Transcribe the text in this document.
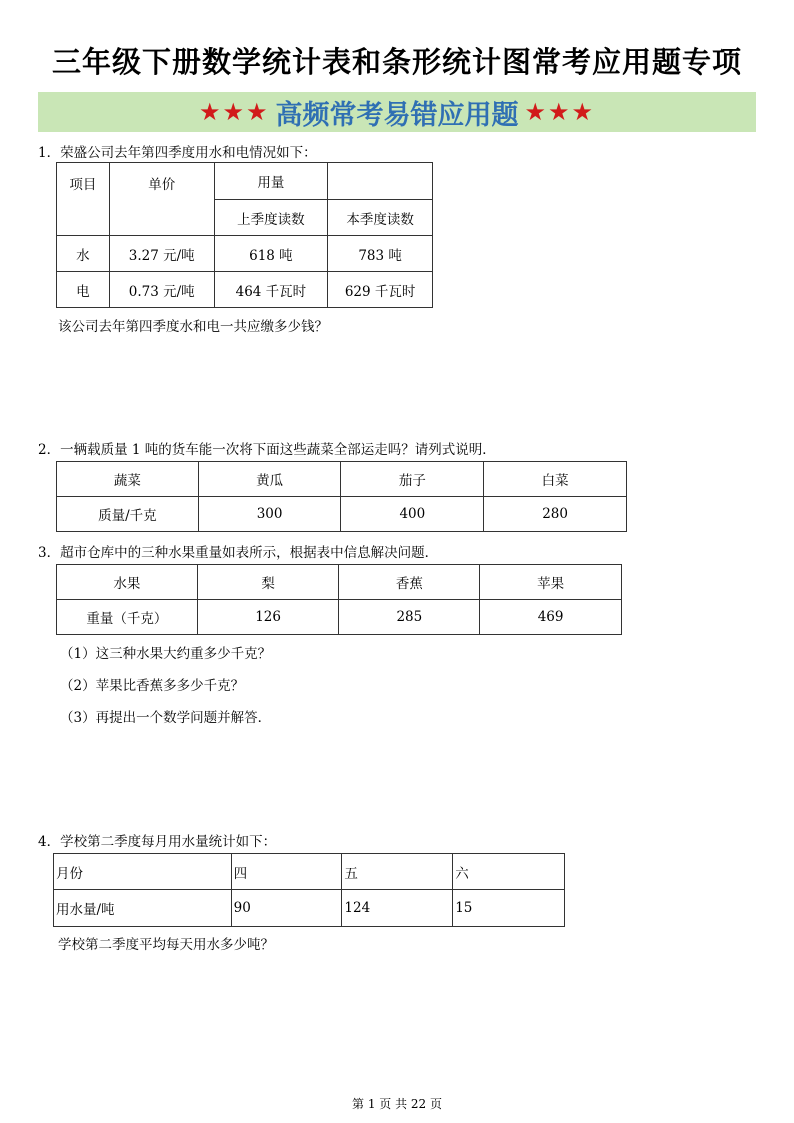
三年级下册数学统计表和条形统计图常考应用题专项
★★★ 高频常考易错应用题 ★★★
1．荣盛公司去年第四季度用水和电情况如下：
项目	单价	用量	
		上季度读数	本季度读数
水	3.27 元/吨	618 吨	783 吨
电	0.73 元/吨	464 千瓦时	629 千瓦时
该公司去年第四季度水和电一共应缴多少钱？
2．一辆载质量 1 吨的货车能一次将下面这些蔬菜全部运走吗？请列式说明．
蔬菜	黄瓜	茄子	白菜
质量/千克	300	400	280
3．超市仓库中的三种水果重量如表所示，根据表中信息解决问题．
水果	梨	香蕉	苹果
重量（千克）	126	285	469
（1）这三种水果大约重多少千克？
（2）苹果比香蕉多多少千克？
（3）再提出一个数学问题并解答．
4．学校第二季度每月用水量统计如下：
月份	四	五	六
用水量/吨	90	124	15
学校第二季度平均每天用水多少吨？
第 1 页 共 22 页
